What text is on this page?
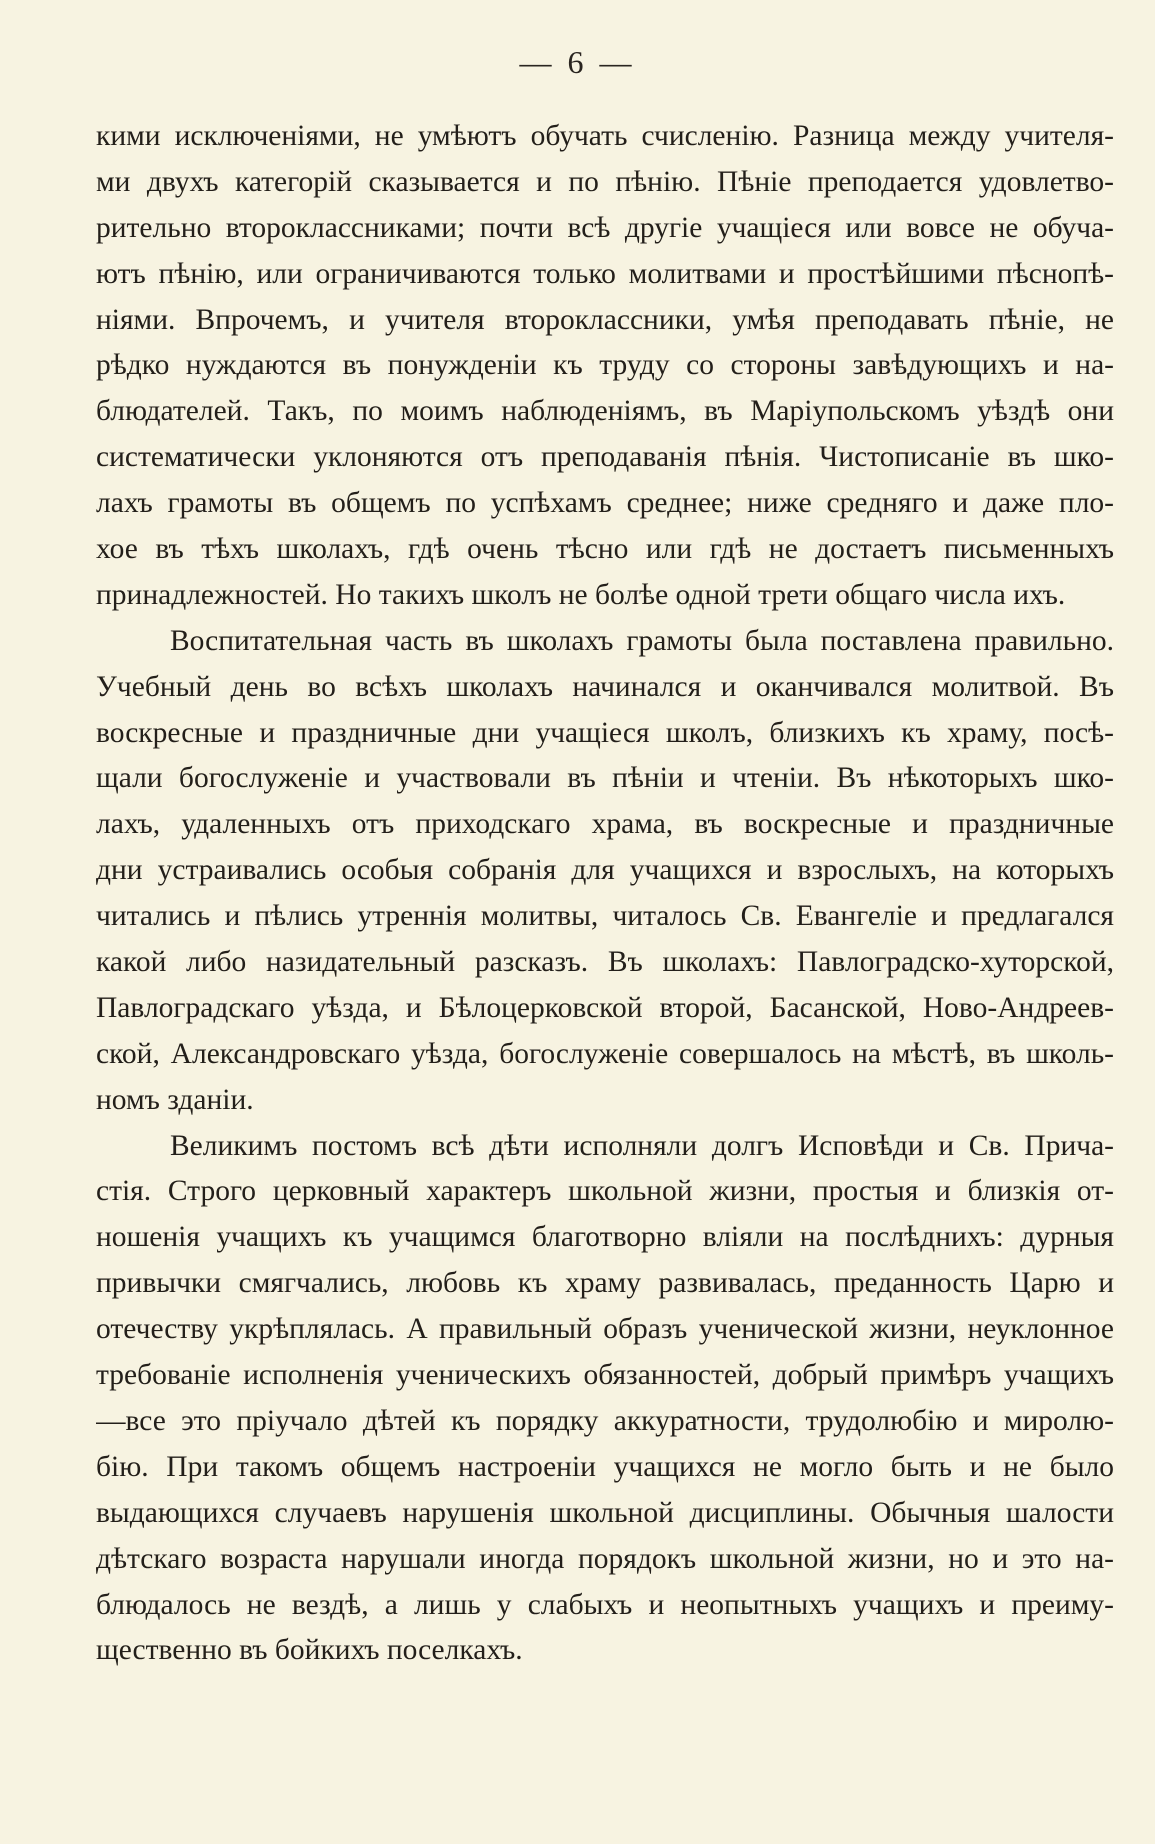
— 6 —
кими исключеніями, не умѣютъ обучать счисленію. Разница между учителя-
ми двухъ категорій сказывается и по пѣнію. Пѣніе преподается удовлетво-
рительно второклассниками; почти всѣ другіе учащіеся или вовсе не обуча-
ютъ пѣнію, или ограничиваются только молитвами и простѣйшими пѣснопѣ-
ніями. Впрочемъ, и учителя второклассники, умѣя преподавать пѣніе, не
рѣдко нуждаются въ понужденіи къ труду со стороны завѣдующихъ и на-
блюдателей. Такъ, по моимъ наблюденіямъ, въ Маріупольскомъ уѣздѣ они
систематически уклоняются отъ преподаванія пѣнія. Чистописаніе въ шко-
лахъ грамоты въ общемъ по успѣхамъ среднее; ниже средняго и даже пло-
хое въ тѣхъ школахъ, гдѣ очень тѣсно или гдѣ не достаетъ письменныхъ
принадлежностей. Но такихъ школъ не болѣе одной трети общаго числа ихъ.
Воспитательная часть въ школахъ грамоты была поставлена правильно.
Учебный день во всѣхъ школахъ начинался и оканчивался молитвой. Въ
воскресные и праздничные дни учащіеся школъ, близкихъ къ храму, посѣ-
щали богослуженіе и участвовали въ пѣніи и чтеніи. Въ нѣкоторыхъ шко-
лахъ, удаленныхъ отъ приходскаго храма, въ воскресные и праздничные
дни устраивались особыя собранія для учащихся и взрослыхъ, на которыхъ
читались и пѣлись утреннія молитвы, читалось Св. Евангеліе и предлагался
какой либо назидательный разсказъ. Въ школахъ: Павлоградско-хуторской,
Павлоградскаго уѣзда, и Бѣлоцерковской второй, Басанской, Ново-Андреев-
ской, Александровскаго уѣзда, богослуженіе совершалось на мѣстѣ, въ школь-
номъ зданіи.
Великимъ постомъ всѣ дѣти исполняли долгъ Исповѣди и Св. Прича-
стія. Строго церковный характеръ школьной жизни, простыя и близкія от-
ношенія учащихъ къ учащимся благотворно вліяли на послѣднихъ: дурныя
привычки смягчались, любовь къ храму развивалась, преданность Царю и
отечеству укрѣплялась. А правильный образъ ученической жизни, неуклонное
требованіе исполненія ученическихъ обязанностей, добрый примѣръ учащихъ
—все это пріучало дѣтей къ порядку аккуратности, трудолюбію и миролю-
бію. При такомъ общемъ настроеніи учащихся не могло быть и не было
выдающихся случаевъ нарушенія школьной дисциплины. Обычныя шалости
дѣтскаго возраста нарушали иногда порядокъ школьной жизни, но и это на-
блюдалось не вездѣ, а лишь у слабыхъ и неопытныхъ учащихъ и преиму-
щественно въ бойкихъ поселкахъ.
